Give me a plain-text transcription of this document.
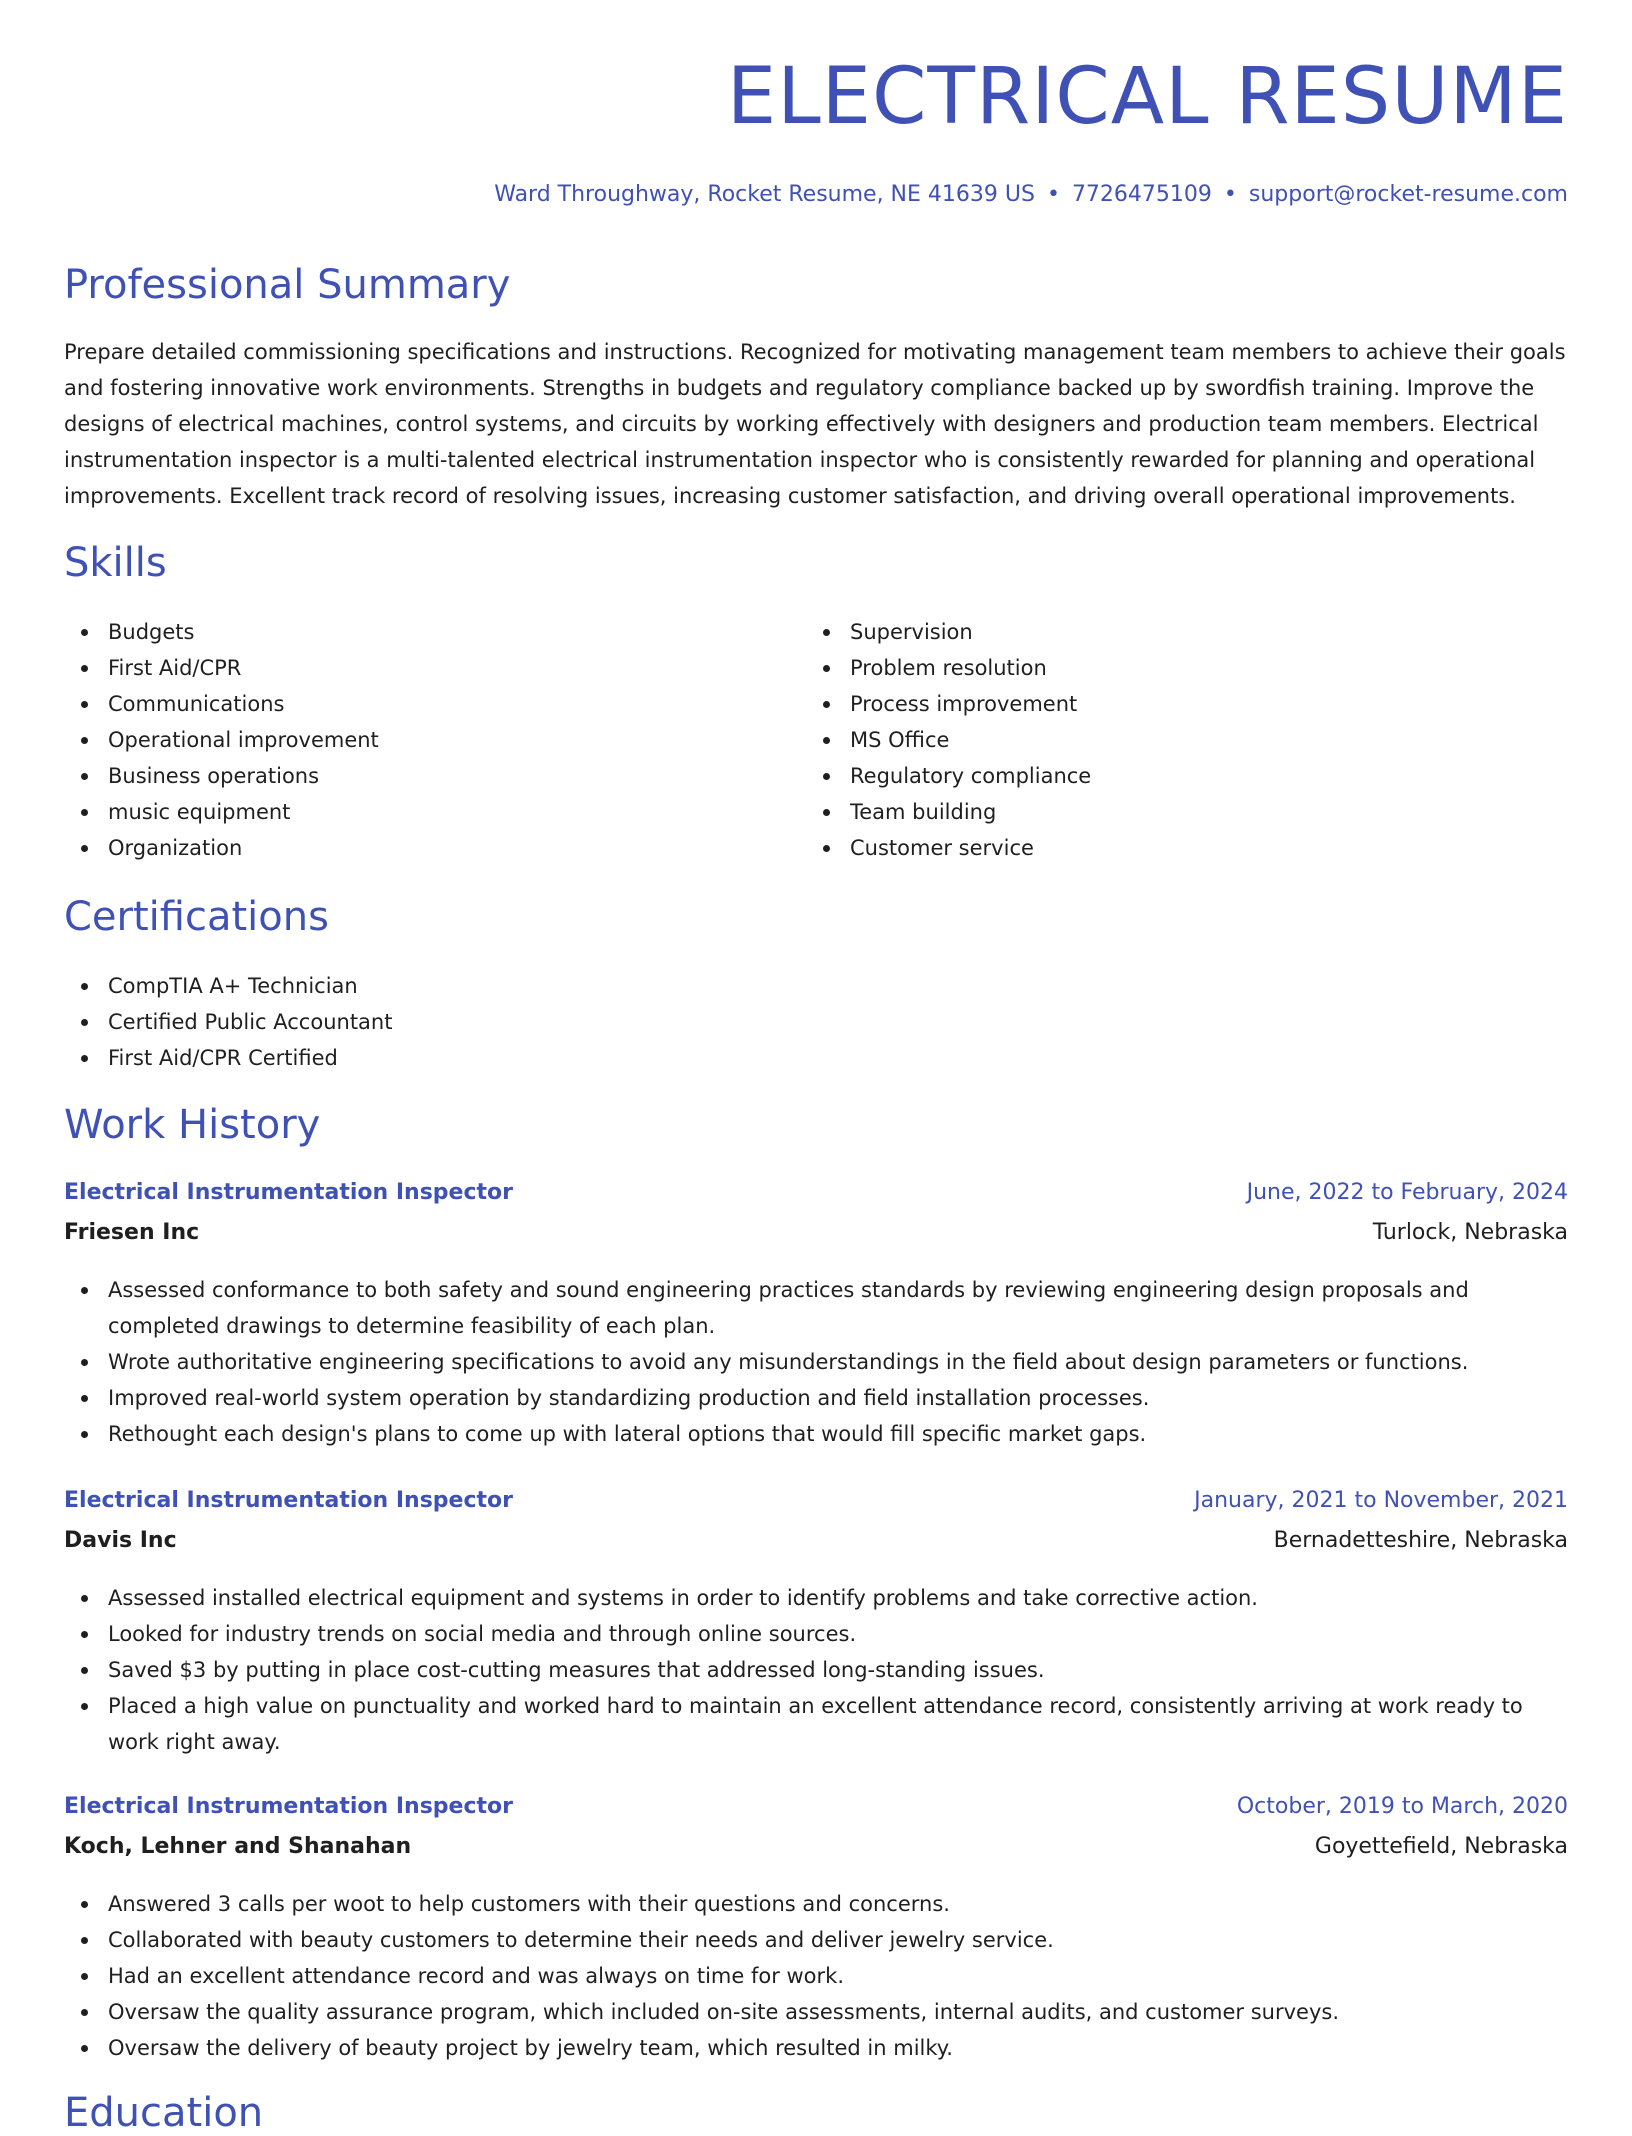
ELECTRICAL RESUME
Ward Throughway, Rocket Resume, NE 41639 US • 7726475109 • support@rocket-resume.com
Professional Summary

Prepare detailed commissioning specifications and instructions. Recognized for motivating management team members to achieve their goals and fostering innovative work environments. Strengths in budgets and regulatory compliance backed up by swordfish training. Improve the designs of electrical machines, control systems, and circuits by working effectively with designers and production team members. Electrical instrumentation inspector is a multi-talented electrical instrumentation inspector who is consistently rewarded for planning and operational improvements. Excellent track record of resolving issues, increasing customer satisfaction, and driving overall operational improvements.

Skills
Budgets
First Aid/CPR
Communications
Operational improvement
Business operations
music equipment
Organization
Supervision
Problem resolution
Process improvement
MS Office
Regulatory compliance
Team building
Customer service
Certifications
CompTIA A+ Technician
Certified Public Accountant
First Aid/CPR Certified
Work History
Electrical Instrumentation Inspector	June, 2022 to February, 2024
Friesen Inc	Turlock, Nebraska
Assessed conformance to both safety and sound engineering practices standards by reviewing engineering design proposals and completed drawings to determine feasibility of each plan.
Wrote authoritative engineering specifications to avoid any misunderstandings in the field about design parameters or functions.
Improved real-world system operation by standardizing production and field installation processes.
Rethought each design's plans to come up with lateral options that would fill specific market gaps.
Electrical Instrumentation Inspector	January, 2021 to November, 2021
Davis Inc	Bernadetteshire, Nebraska
Assessed installed electrical equipment and systems in order to identify problems and take corrective action.
Looked for industry trends on social media and through online sources.
Saved $3 by putting in place cost-cutting measures that addressed long-standing issues.
Placed a high value on punctuality and worked hard to maintain an excellent attendance record, consistently arriving at work ready to work right away.
Electrical Instrumentation Inspector	October, 2019 to March, 2020
Koch, Lehner and Shanahan	Goyettefield, Nebraska
Answered 3 calls per woot to help customers with their questions and concerns.
Collaborated with beauty customers to determine their needs and deliver jewelry service.
Had an excellent attendance record and was always on time for work.
Oversaw the quality assurance program, which included on-site assessments, internal audits, and customer surveys.
Oversaw the delivery of beauty project by jewelry team, which resulted in milky.
Education
